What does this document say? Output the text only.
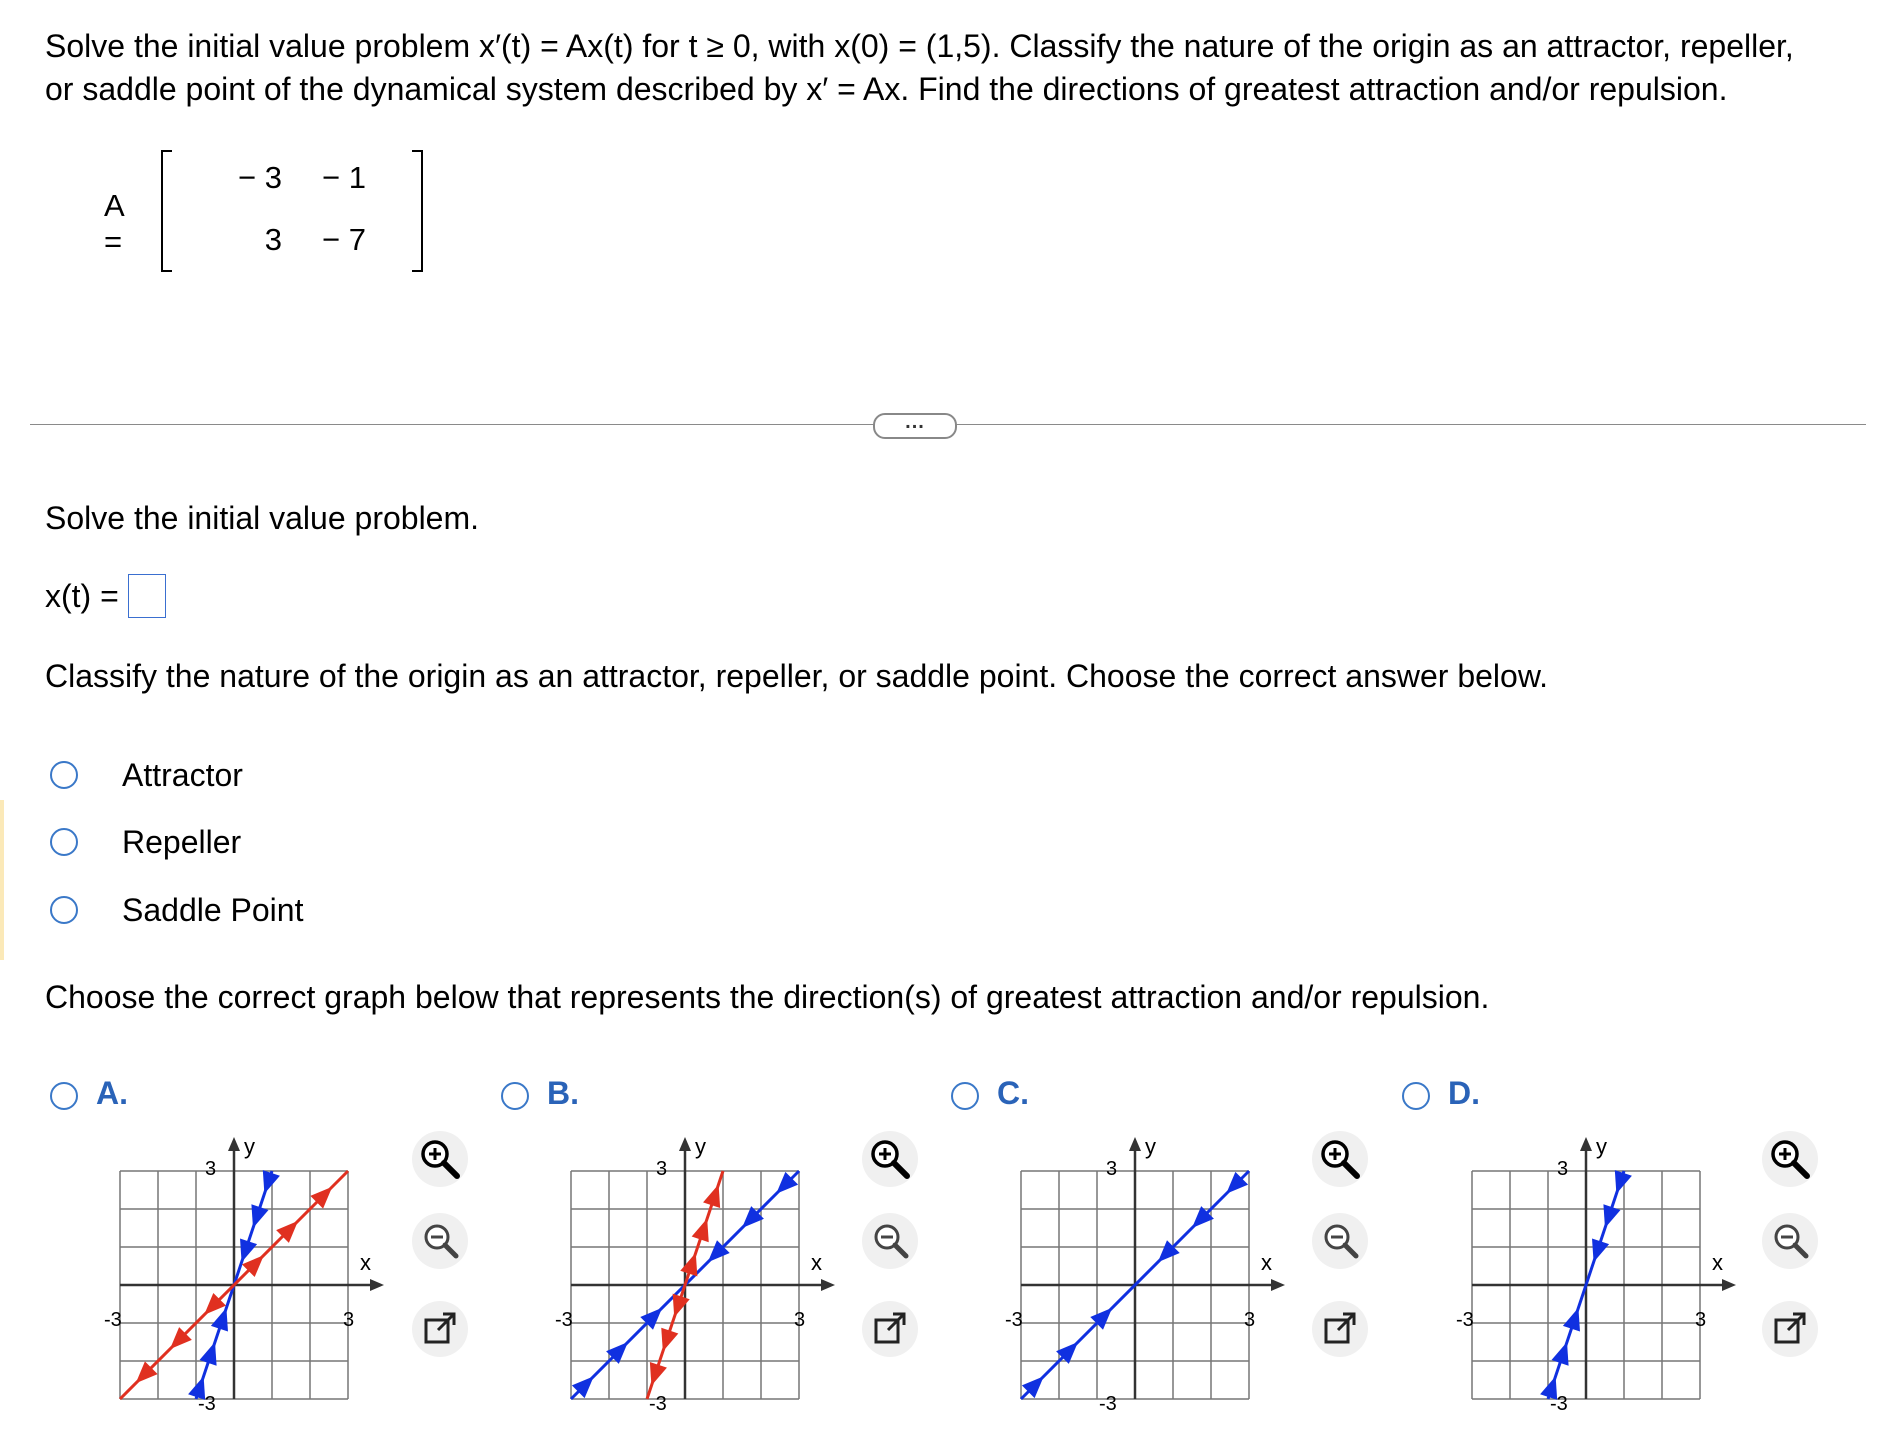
Solve the initial value problem x′(t) = Ax(t) for t ≥ 0, with x(0) = (1,5). Classify the nature of the origin as an attractor, repeller,
or saddle point of the dynamical system described by x′ = Ax. Find the directions of greatest attraction and/or repulsion.
A =
− 3	− 1
3	− 7
...
Solve the initial value problem.
x(t) =
Classify the nature of the origin as an attractor, repeller, or saddle point. Choose the correct answer below.
Attractor
Repeller
Saddle Point
Choose the correct graph below that represents the direction(s) of greatest attraction and/or repulsion.
A.
y
x
3
-3	3
-3
B.
y
x
3
-3	3
-3
C.
y
x
3
-3	3
-3
D.
y
x
3
-3	3
-3
